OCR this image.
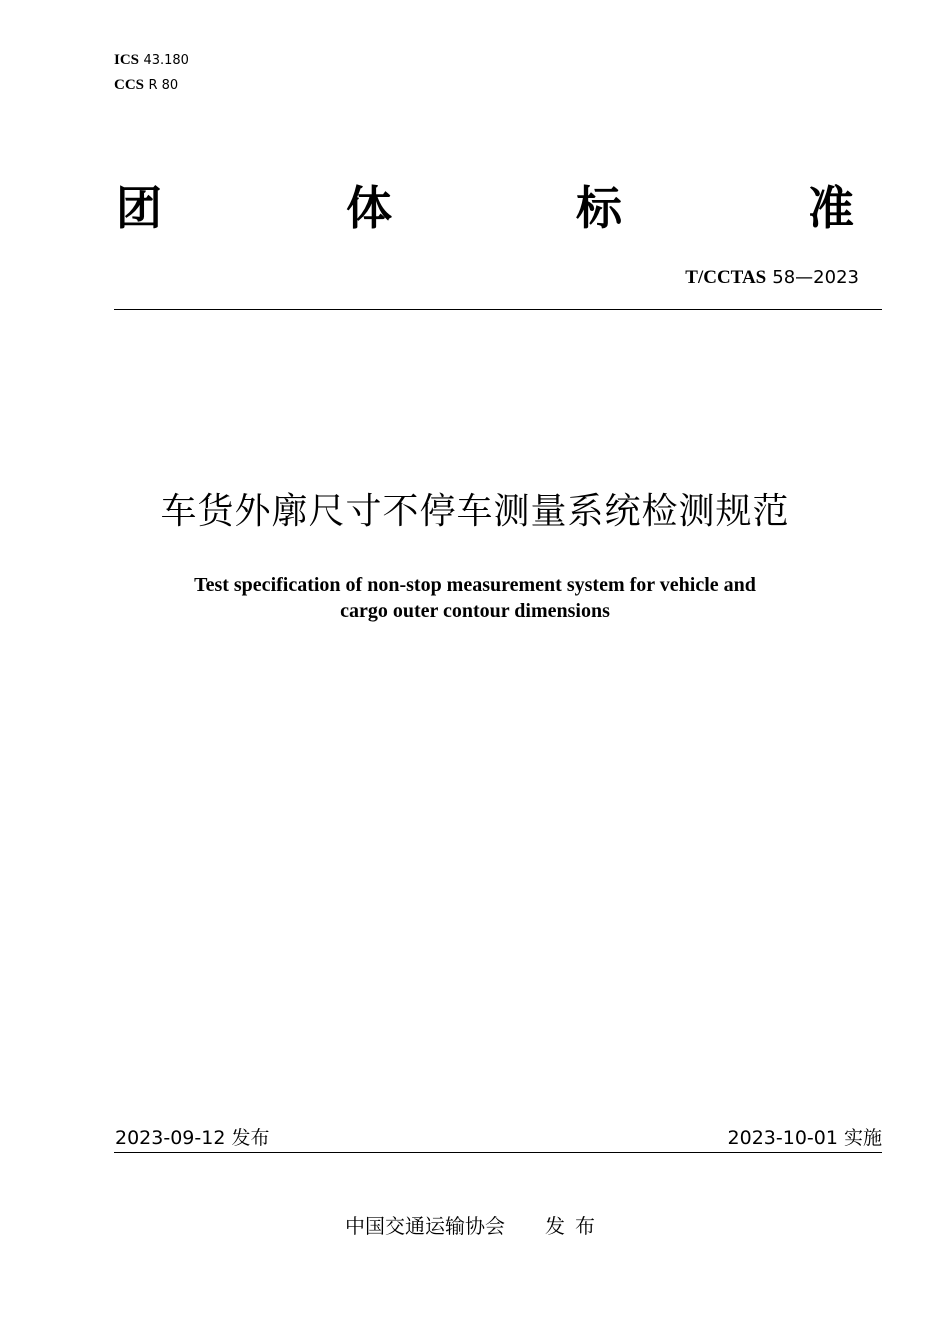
ICS 43.180
CCS R 80
团	体	标	准
T/CCTAS 58—2023
车货外廓尺寸不停车测量系统检测规范
Test specification of non-stop measurement system for vehicle and
cargo outer contour dimensions
2023-09-12 发布	2023-10-01 实施
中国交通运输协会 发布
